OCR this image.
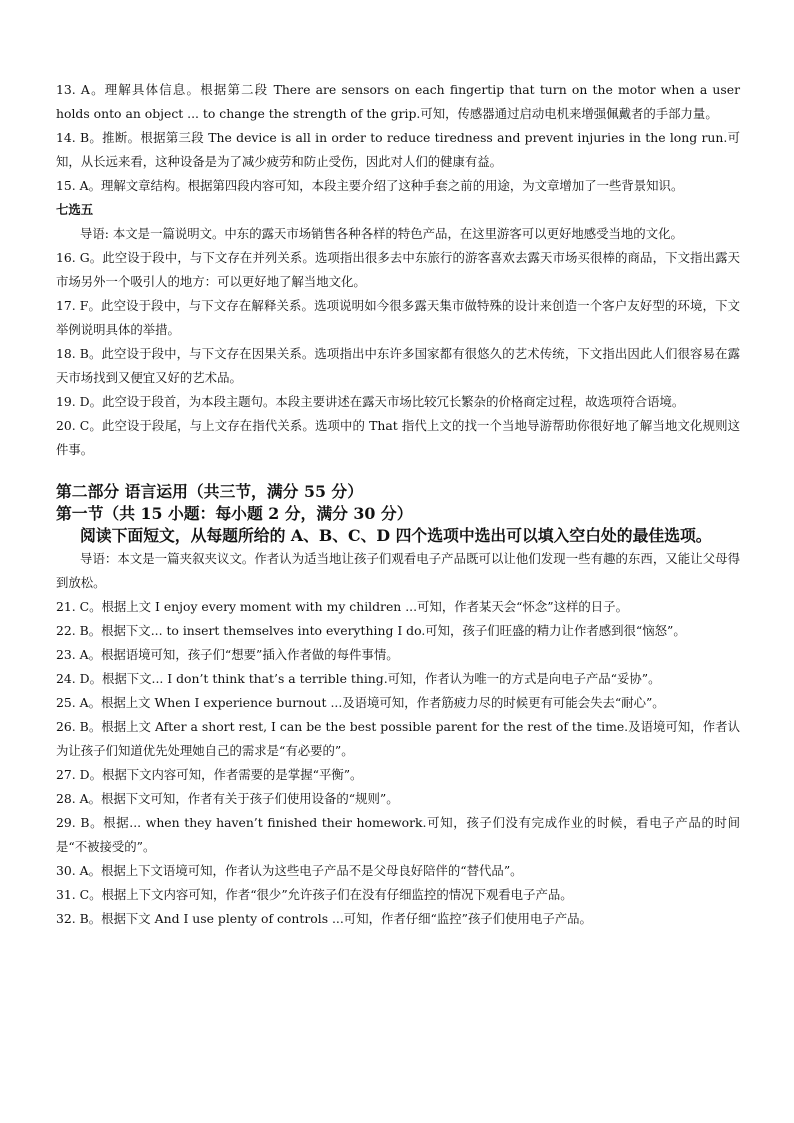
13. A。理解具体信息。根据第二段 There are sensors on each fingertip that turn on the motor when a user holds onto an object ... to change the strength of the grip.可知，传感器通过启动电机来增强佩戴者的手部力量。

14. B。推断。根据第三段 The device is all in order to reduce tiredness and prevent injuries in the long run.可知，从长远来看，这种设备是为了减少疲劳和防止受伤，因此对人们的健康有益。

15. A。理解文章结构。根据第四段内容可知，本段主要介绍了这种手套之前的用途，为文章增加了一些背景知识。

七选五

导语: 本文是一篇说明文。中东的露天市场销售各种各样的特色产品，在这里游客可以更好地感受当地的文化。

16. G。此空设于段中，与下文存在并列关系。选项指出很多去中东旅行的游客喜欢去露天市场买很棒的商品，下文指出露天市场另外一个吸引人的地方：可以更好地了解当地文化。

17. F。此空设于段中，与下文存在解释关系。选项说明如今很多露天集市做特殊的设计来创造一个客户友好型的环境，下文举例说明具体的举措。

18. B。此空设于段中，与下文存在因果关系。选项指出中东许多国家都有很悠久的艺术传统，下文指出因此人们很容易在露天市场找到又便宜又好的艺术品。

19. D。此空设于段首，为本段主题句。本段主要讲述在露天市场比较冗长繁杂的价格商定过程，故选项符合语境。

20. C。此空设于段尾，与上文存在指代关系。选项中的 That 指代上文的找一个当地导游帮助你很好地了解当地文化规则这件事。

第二部分 语言运用（共三节，满分 55 分）

第一节（共 15 小题：每小题 2 分，满分 30 分）

阅读下面短文，从每题所给的 A、B、C、D 四个选项中选出可以填入空白处的最佳选项。

导语：本文是一篇夹叙夹议文。作者认为适当地让孩子们观看电子产品既可以让他们发现一些有趣的东西，又能让父母得到放松。

21. C。根据上文 I enjoy every moment with my children ...可知，作者某天会“怀念”这样的日子。

22. B。根据下文... to insert themselves into everything I do.可知，孩子们旺盛的精力让作者感到很“恼怒”。

23. A。根据语境可知，孩子们“想要”插入作者做的每件事情。

24. D。根据下文... I don’t think that’s a terrible thing.可知，作者认为唯一的方式是向电子产品“妥协”。

25. A。根据上文 When I experience burnout ...及语境可知，作者筋疲力尽的时候更有可能会失去“耐心”。

26. B。根据上文 After a short rest, I can be the best possible parent for the rest of the time.及语境可知，作者认为让孩子们知道优先处理她自己的需求是“有必要的”。

27. D。根据下文内容可知，作者需要的是掌握“平衡”。

28. A。根据下文可知，作者有关于孩子们使用设备的“规则”。

29. B。根据... when they haven’t finished their homework.可知，孩子们没有完成作业的时候，看电子产品的时间是“不被接受的”。

30. A。根据上下文语境可知，作者认为这些电子产品不是父母良好陪伴的“替代品”。

31. C。根据上下文内容可知，作者“很少”允许孩子们在没有仔细监控的情况下观看电子产品。

32. B。根据下文 And I use plenty of controls ...可知，作者仔细“监控”孩子们使用电子产品。
